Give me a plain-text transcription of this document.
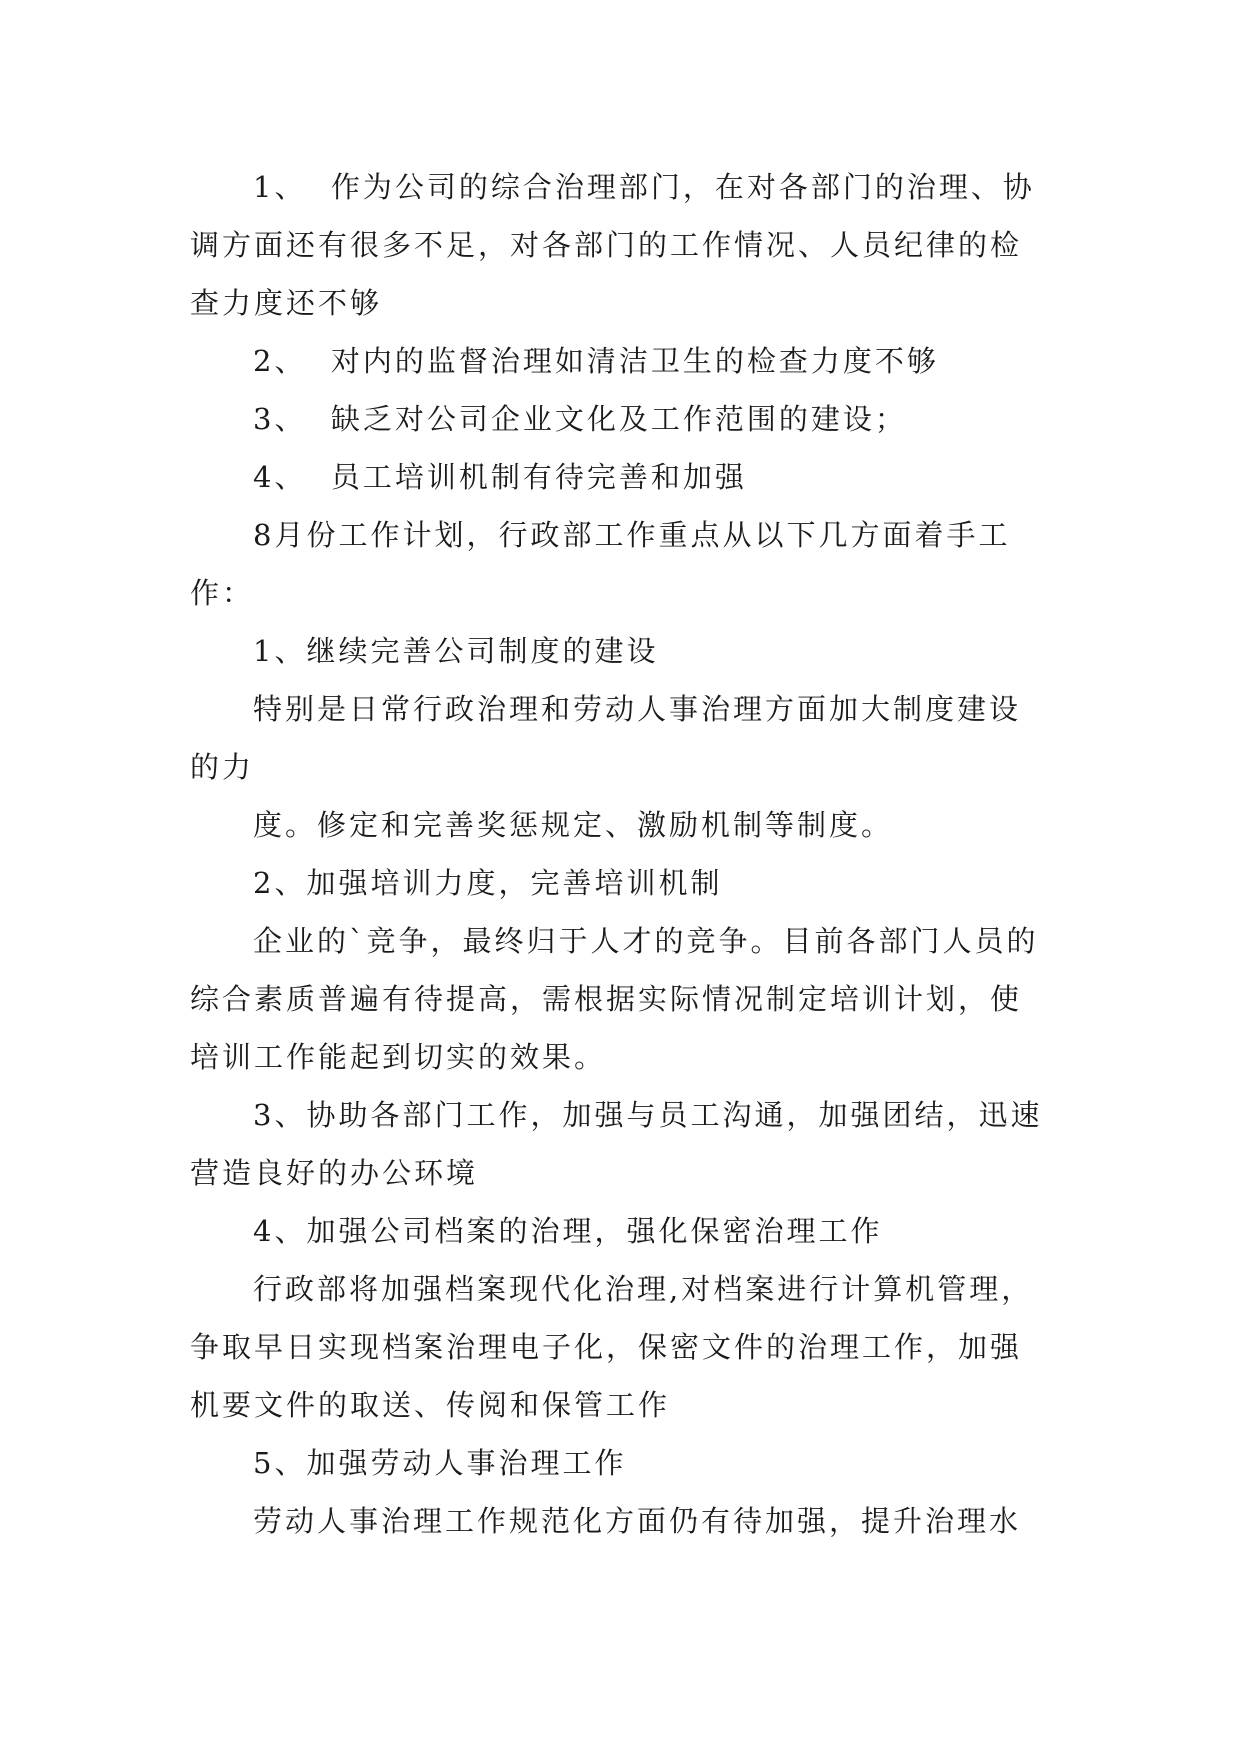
1、  作为公司的综合治理部门，在对各部门的治理、协调方面还有很多不足，对各部门的工作情况、人员纪律的检查力度还不够

2、  对内的监督治理如清洁卫生的检查力度不够

3、  缺乏对公司企业文化及工作范围的建设；

4、  员工培训机制有待完善和加强

8月份工作计划，行政部工作重点从以下几方面着手工作：

1、继续完善公司制度的建设

特别是日常行政治理和劳动人事治理方面加大制度建设的力

度。修定和完善奖惩规定、激励机制等制度。

2、加强培训力度，完善培训机制

企业的`竞争，最终归于人才的竞争。目前各部门人员的综合素质普遍有待提高，需根据实际情况制定培训计划，使培训工作能起到切实的效果。

3、协助各部门工作，加强与员工沟通，加强团结，迅速营造良好的办公环境

4、加强公司档案的治理，强化保密治理工作

行政部将加强档案现代化治理,对档案进行计算机管理，争取早日实现档案治理电子化，保密文件的治理工作，加强机要文件的取送、传阅和保管工作

5、加强劳动人事治理工作

劳动人事治理工作规范化方面仍有待加强，提升治理水
